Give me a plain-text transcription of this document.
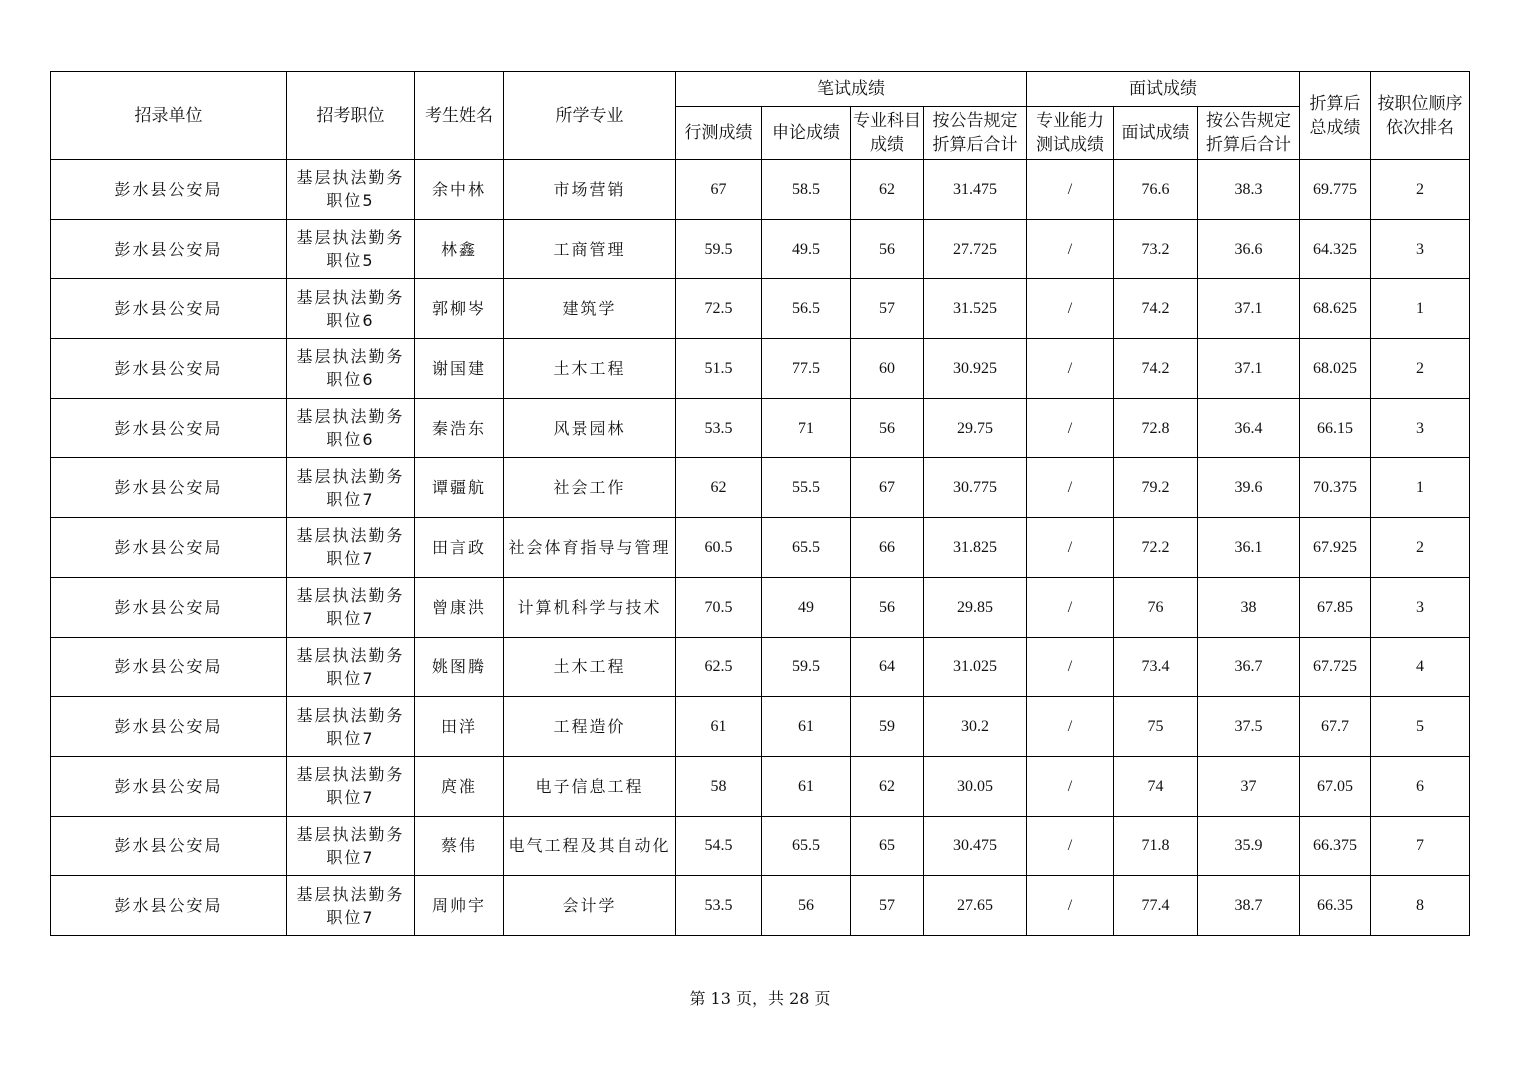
招录单位	招考职位	考生姓名	所学专业	笔试成绩				面试成绩			折算后总成绩	按职位顺序依次排名
				行测成绩	申论成绩	专业科目成绩	按公告规定折算后合计	专业能力测试成绩	面试成绩	按公告规定折算后合计		
彭水县公安局	基层执法勤务职位5	余中林	市场营销	67	58.5	62	31.475	/	76.6	38.3	69.775	2
彭水县公安局	基层执法勤务职位5	林鑫	工商管理	59.5	49.5	56	27.725	/	73.2	36.6	64.325	3
彭水县公安局	基层执法勤务职位6	郭柳岑	建筑学	72.5	56.5	57	31.525	/	74.2	37.1	68.625	1
彭水县公安局	基层执法勤务职位6	谢国建	土木工程	51.5	77.5	60	30.925	/	74.2	37.1	68.025	2
彭水县公安局	基层执法勤务职位6	秦浩东	风景园林	53.5	71	56	29.75	/	72.8	36.4	66.15	3
彭水县公安局	基层执法勤务职位7	谭疆航	社会工作	62	55.5	67	30.775	/	79.2	39.6	70.375	1
彭水县公安局	基层执法勤务职位7	田言政	社会体育指导与管理	60.5	65.5	66	31.825	/	72.2	36.1	67.925	2
彭水县公安局	基层执法勤务职位7	曾康洪	计算机科学与技术	70.5	49	56	29.85	/	76	38	67.85	3
彭水县公安局	基层执法勤务职位7	姚图腾	土木工程	62.5	59.5	64	31.025	/	73.4	36.7	67.725	4
彭水县公安局	基层执法勤务职位7	田洋	工程造价	61	61	59	30.2	/	75	37.5	67.7	5
彭水县公安局	基层执法勤务职位7	庹准	电子信息工程	58	61	62	30.05	/	74	37	67.05	6
彭水县公安局	基层执法勤务职位7	蔡伟	电气工程及其自动化	54.5	65.5	65	30.475	/	71.8	35.9	66.375	7
彭水县公安局	基层执法勤务职位7	周帅宇	会计学	53.5	56	57	27.65	/	77.4	38.7	66.35	8
第 13 页，共 28 页
